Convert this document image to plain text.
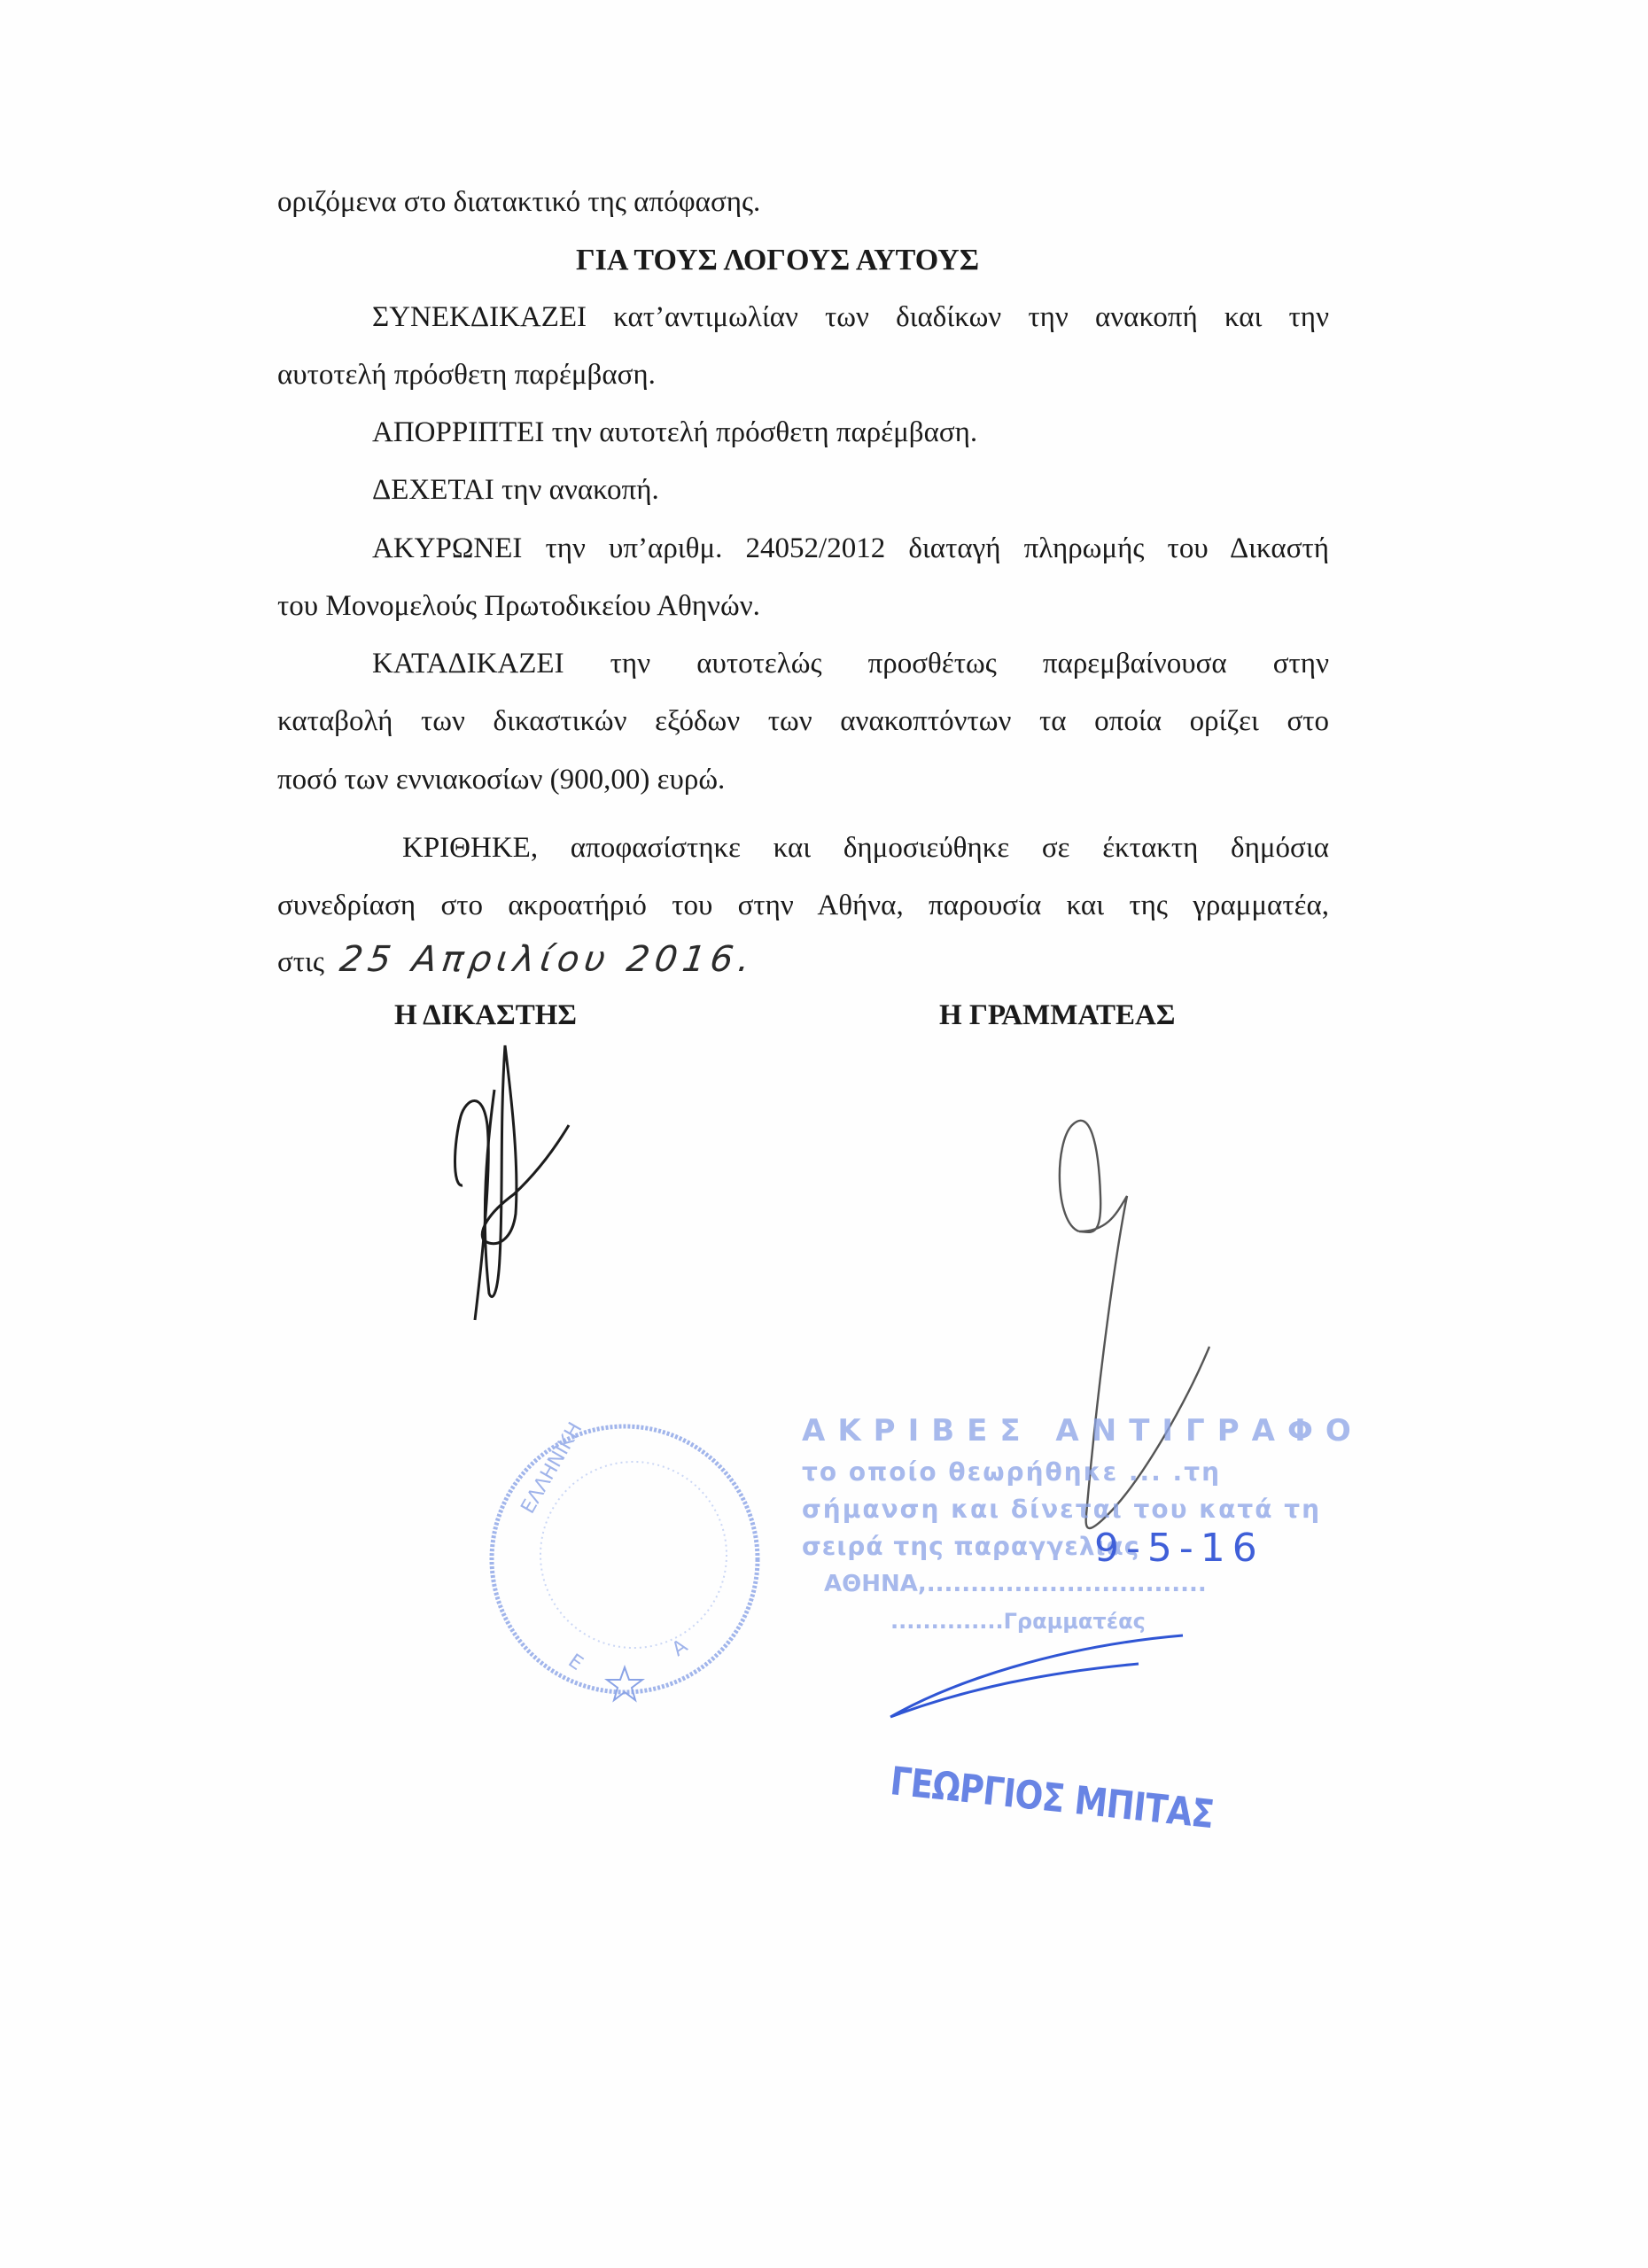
οριζόμενα στο διατακτικό της απόφασης.
ΓΙΑ ΤΟΥΣ ΛΟΓΟΥΣ ΑΥΤΟΥΣ
ΣΥΝΕΚΔΙΚΑΖΕΙ κατ’αντιμωλίαν των διαδίκων την ανακοπή και την
αυτοτελή πρόσθετη παρέμβαση.
ΑΠΟΡΡΙΠΤΕΙ την αυτοτελή πρόσθετη παρέμβαση.
ΔΕΧΕΤΑΙ την ανακοπή.
ΑΚΥΡΩΝΕΙ την υπ’αριθμ. 24052/2012 διαταγή πληρωμής του Δικαστή
του Μονομελούς Πρωτοδικείου Αθηνών.
ΚΑΤΑΔΙΚΑΖΕΙ την αυτοτελώς προσθέτως παρεμβαίνουσα στην
καταβολή των δικαστικών εξόδων των ανακοπτόντων τα οποία ορίζει στο
ποσό των εννιακοσίων (900,00) ευρώ.
ΚΡΙΘΗΚΕ, αποφασίστηκε και δημοσιεύθηκε σε έκτακτη δημόσια
συνεδρίαση στο ακροατήριό του στην Αθήνα, παρουσία και της γραμματέα,
στις 25 Απριλίου 2016.
Η ΔΙΚΑΣΤΗΣ	Η ΓΡΑΜΜΑΤΕΑΣ
ΕΛΛΗΝΙΚΗ
Ε
Α
ΑΚΡΙΒΕΣ ΑΝΤΙΓΡΑΦΟ
το οποίο θεωρήθηκε ... .τη
σήμανση και δίνεται του κατά τη
σειρά της παραγγελίας
9-5-16
ΑΘΗΝΑ,................................
..............Γραμματέας
ΓΕΩΡΓΙΟΣ ΜΠΙΤΑΣ
